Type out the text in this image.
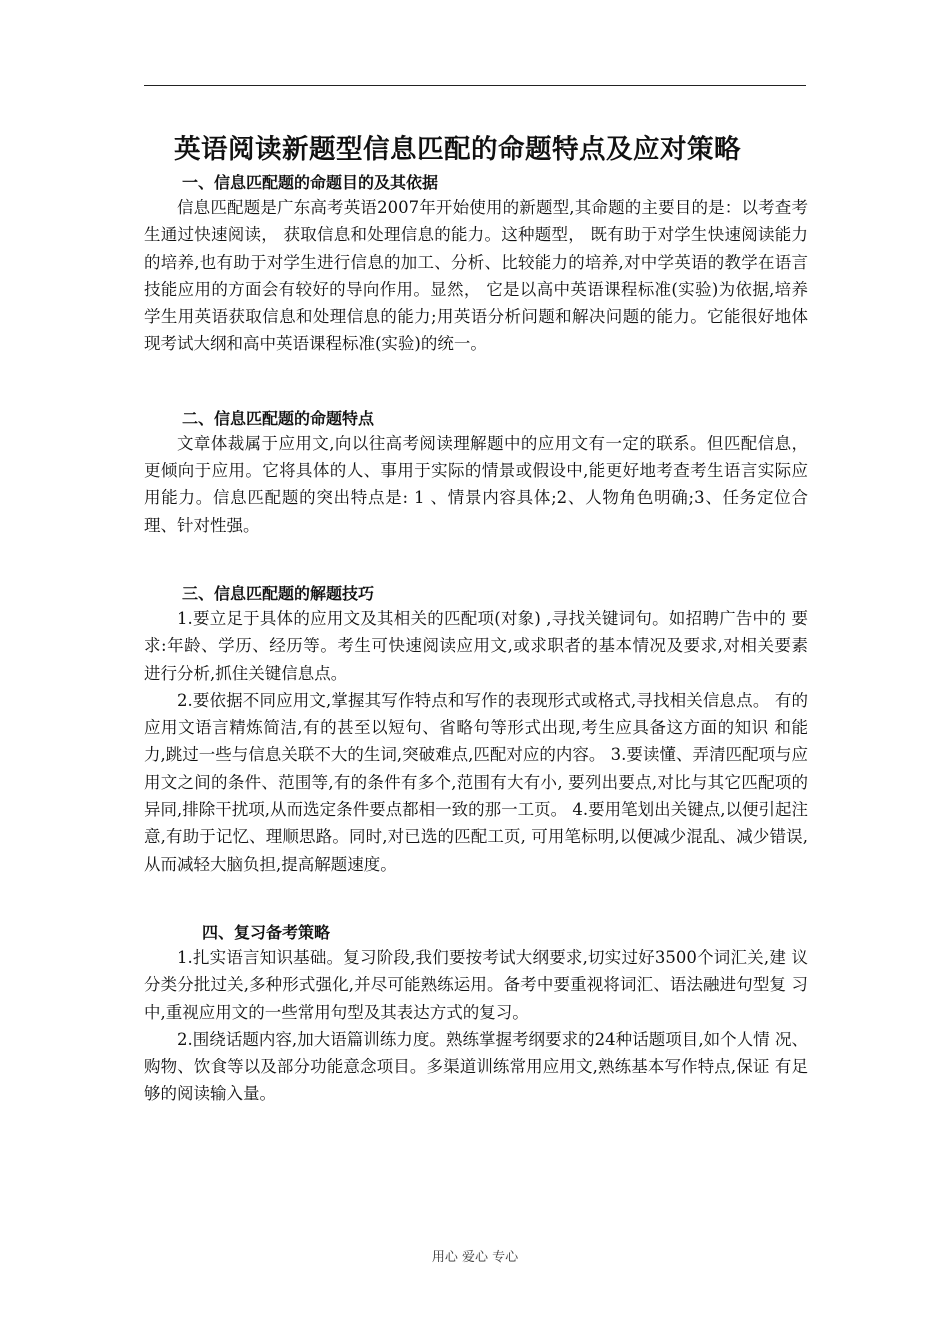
英语阅读新题型信息匹配的命题特点及应对策略
一、信息匹配题的命题目的及其依据

信息匹配题是广东高考英语2007年开始使用的新题型,其命题的主要目的是：以考查考生通过快速阅读， 获取信息和处理信息的能力。这种题型， 既有助于对学生快速阅读能力的培养,也有助于对学生进行信息的加工、分析、比较能力的培养,对中学英语的教学在语言技能应用的方面会有较好的导向作用。显然， 它是以高中英语课程标准(实验)为依据,培养学生用英语获取信息和处理信息的能力;用英语分析问题和解决问题的能力。它能很好地体现考试大纲和高中英语课程标准(实验)的统一。

二、信息匹配题的命题特点

文章体裁属于应用文,向以往高考阅读理解题中的应用文有一定的联系。但匹配信息， 更倾向于应用。它将具体的人、事用于实际的情景或假设中,能更好地考查考生语言实际应用能力。信息匹配题的突出特点是: 1 、情景内容具体;2、人物角色明确;3、任务定位合理、针对性强。

三、信息匹配题的解题技巧

1.要立足于具体的应用文及其相关的匹配项(对象) ,寻找关键词句。如招聘广告中的 要求:年龄、学历、经历等。考生可快速阅读应用文,或求职者的基本情况及要求,对相关要素 进行分析,抓住关键信息点。

2.要依据不同应用文,掌握其写作特点和写作的表现形式或格式,寻找相关信息点。 有的应用文语言精炼简洁,有的甚至以短句、省略句等形式出现,考生应具备这方面的知识 和能力,跳过一些与信息关联不大的生词,突破难点,匹配对应的内容。 3.要读懂、弄清匹配项与应用文之间的条件、范围等,有的条件有多个,范围有大有小, 要列出要点,对比与其它匹配项的异同,排除干扰项,从而选定条件要点都相一致的那一工页。 4.要用笔划出关键点,以便引起注意,有助于记忆、理顺思路。同时,对已选的匹配工页, 可用笔标明,以便减少混乱、减少错误,从而减轻大脑负担,提高解题速度。

四、复习备考策略

1.扎实语言知识基础。复习阶段,我们要按考试大纲要求,切实过好3500个词汇关,建 议分类分批过关,多种形式强化,并尽可能熟练运用。备考中要重视将词汇、语法融进句型复 习中,重视应用文的一些常用句型及其表达方式的复习。

2.围绕话题内容,加大语篇训练力度。熟练掌握考纲要求的24种话题项目,如个人情 况、购物、饮食等以及部分功能意念项目。多渠道训练常用应用文,熟练基本写作特点,保证 有足够的阅读输入量。

用心 爱心 专心
